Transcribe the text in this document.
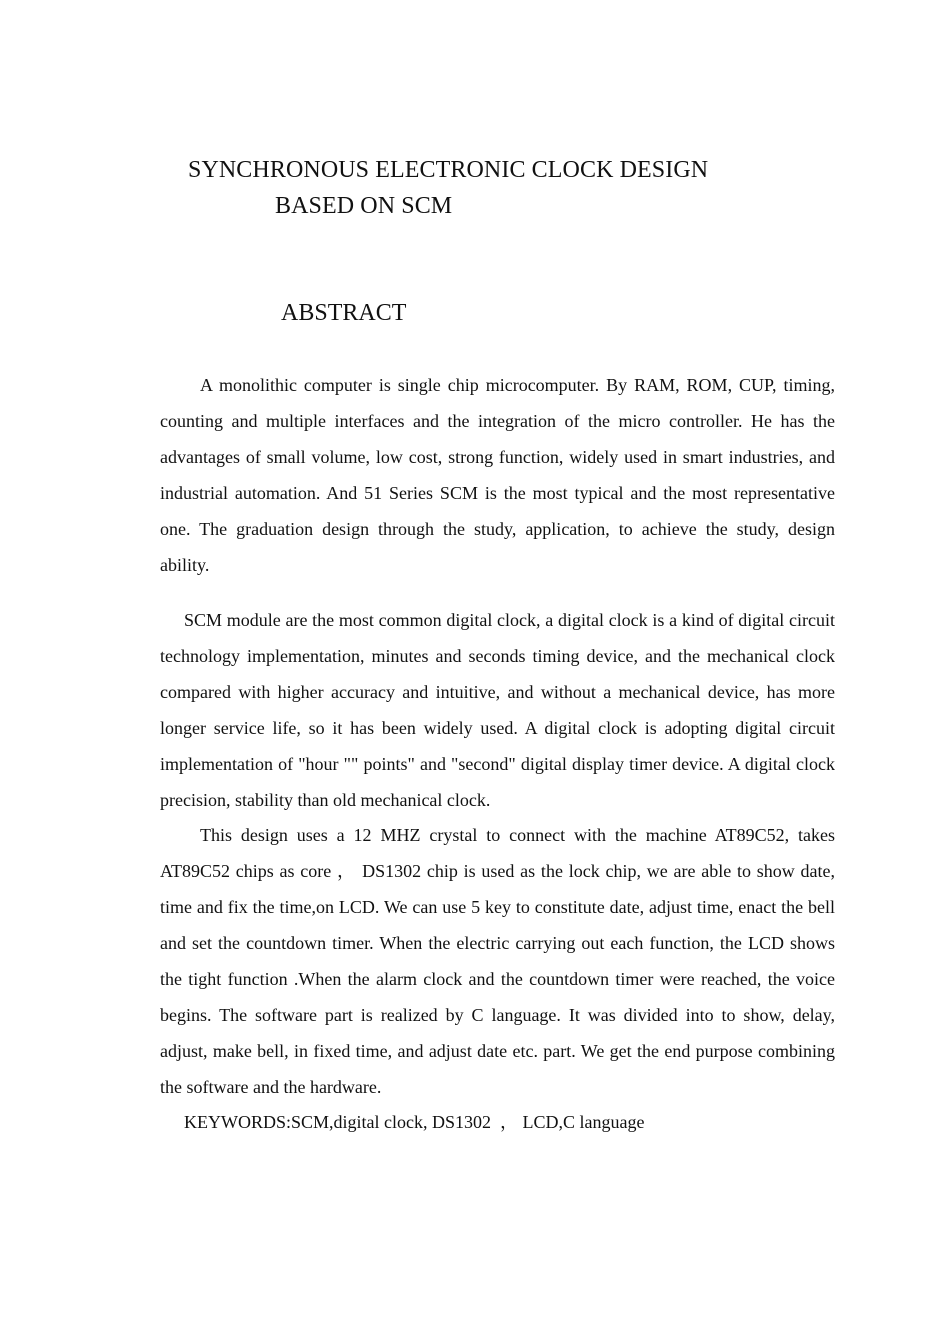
SYNCHRONOUS ELECTRONIC CLOCK DESIGN
BASED ON SCM
ABSTRACT

A monolithic computer is single chip microcomputer. By RAM, ROM, CUP, timing, counting and multiple interfaces and the integration of the micro controller. He has the advantages of small volume, low cost, strong function, widely used in smart industries, and industrial automation. And 51 Series SCM is the most typical and the most representative one. The graduation design through the study, application, to achieve the study, design ability.

SCM module are the most common digital clock, a digital clock is a kind of digital circuit technology implementation, minutes and seconds timing device, and the mechanical clock compared with higher accuracy and intuitive, and without a mechanical device, has more longer service life, so it has been widely used. A digital clock is adopting digital circuit implementation of "hour "" points" and "second" digital display timer device. A digital clock precision, stability than old mechanical clock.

This design uses a 12 MHZ crystal to connect with the machine AT89C52, takes AT89C52 chips as core ， DS1302 chip is used as the lock chip, we are able to show date, time and fix the time,on LCD. We can use 5 key to constitute date, adjust time, enact the bell and set the countdown timer. When the electric carrying out each function, the LCD shows the tight function .When the alarm clock and the countdown timer were reached, the voice begins. The software part is realized by C language. It was divided into to show, delay, adjust, make bell, in fixed time, and adjust date etc. part. We get the end purpose combining the software and the hardware.

KEYWORDS:SCM,digital clock, DS1302  ， LCD,C language
